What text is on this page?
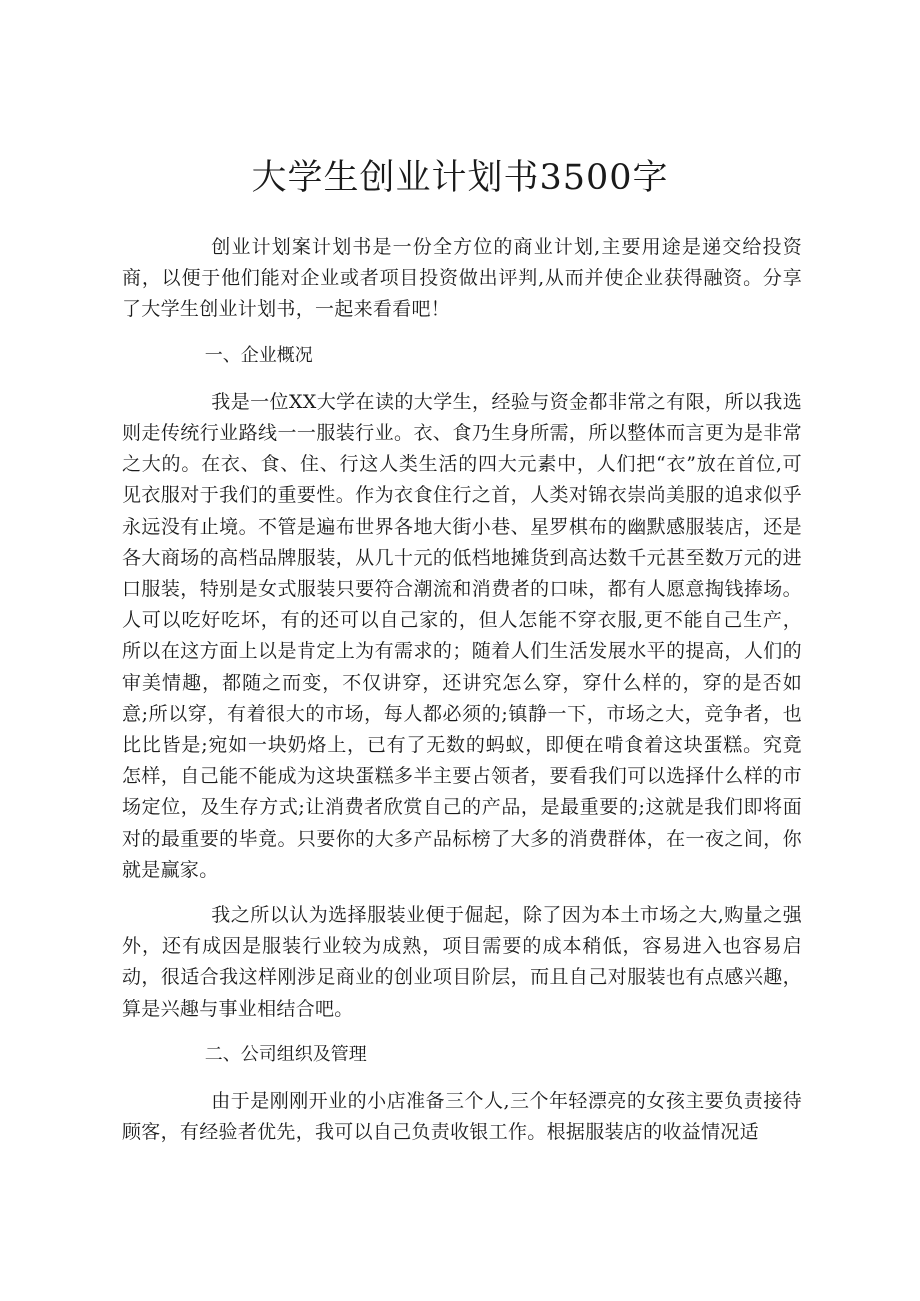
大学生创业计划书3500字

创业计划案计划书是一份全方位的商业计划,主要用途是递交给投资商，以便于他们能对企业或者项目投资做出评判,从而并使企业获得融资。分享了大学生创业计划书，一起来看看吧！

一、企业概况

我是一位XX大学在读的大学生，经验与资金都非常之有限，所以我选则走传统行业路线一一服装行业。衣、食乃生身所需，所以整体而言更为是非常之大的。在衣、食、住、行这人类生活的四大元素中，人们把“衣”放在首位,可见衣服对于我们的重要性。作为衣食住行之首，人类对锦衣崇尚美服的追求似乎永远没有止境。不管是遍布世界各地大街小巷、星罗棋布的幽默感服装店，还是各大商场的高档品牌服装，从几十元的低档地摊货到高达数千元甚至数万元的进口服装，特别是女式服装只要符合潮流和消费者的口味，都有人愿意掏钱捧场。人可以吃好吃坏，有的还可以自己家的，但人怎能不穿衣服,更不能自己生产，所以在这方面上以是肯定上为有需求的；随着人们生活发展水平的提高，人们的审美情趣，都随之而变，不仅讲穿，还讲究怎么穿，穿什么样的，穿的是否如意;所以穿，有着很大的市场，每人都必须的;镇静一下，市场之大，竞争者，也比比皆是;宛如一块奶烙上，已有了无数的蚂蚁，即便在啃食着这块蛋糕。究竟怎样，自己能不能成为这块蛋糕多半主要占领者，要看我们可以选择什么样的市场定位，及生存方式;让消费者欣赏自己的产品，是最重要的;这就是我们即将面对的最重要的毕竟。只要你的大多产品标榜了大多的消费群体，在一夜之间，你就是赢家。

我之所以认为选择服装业便于倔起，除了因为本土市场之大,购量之强外，还有成因是服装行业较为成熟，项目需要的成本稍低，容易进入也容易启动，很适合我这样刚涉足商业的创业项目阶层，而且自己对服装也有点感兴趣，算是兴趣与事业相结合吧。

二、公司组织及管理

由于是刚刚开业的小店准备三个人,三个年轻漂亮的女孩主要负责接待顾客，有经验者优先，我可以自己负责收银工作。根据服装店的收益情况适
